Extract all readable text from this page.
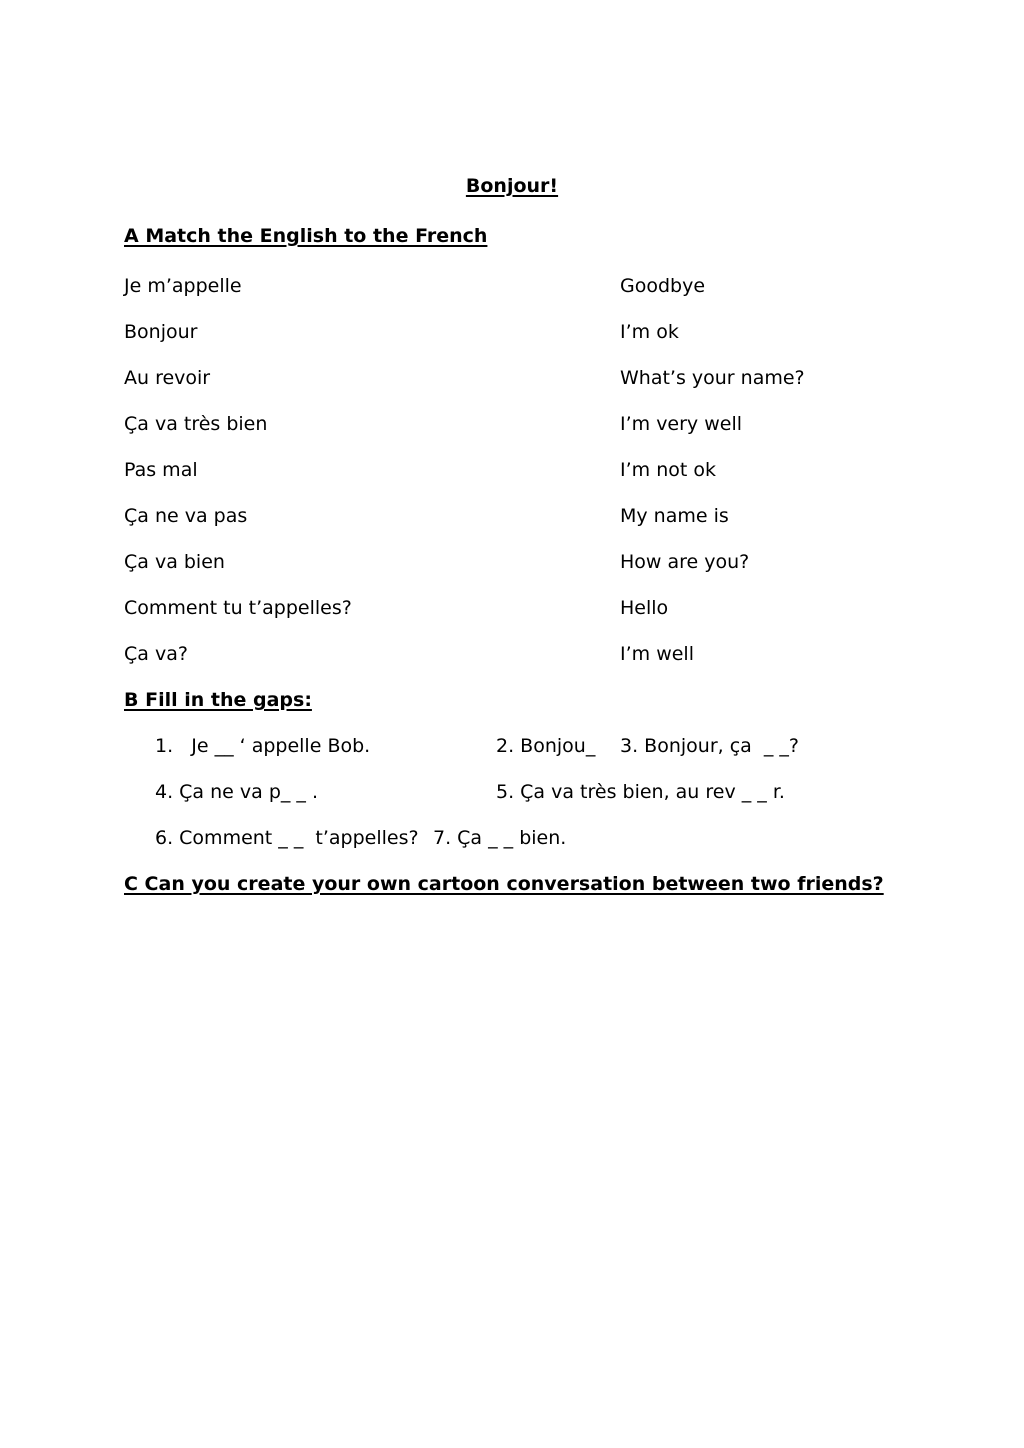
Bonjour!
A Match the English to the French
Je m’appelle
Bonjour
Au revoir
Ça va très bien
Pas mal
Ça ne va pas
Ça va bien
Comment tu t’appelles?
Ça va?
Goodbye
I’m ok
What’s your name?
I’m very well
I’m not ok
My name is
How are you?
Hello
I’m well
B Fill in the gaps:
1.   Je __ ‘ appelle Bob.	2. Bonjou_ 3. Bonjour, ça  _ _?
4. Ça ne va p_ _ .	5. Ça va très bien, au rev _ _ r.
6. Comment _ _  t’appelles? 7. Ça _ _ bien.
C Can you create your own cartoon conversation between two friends?
